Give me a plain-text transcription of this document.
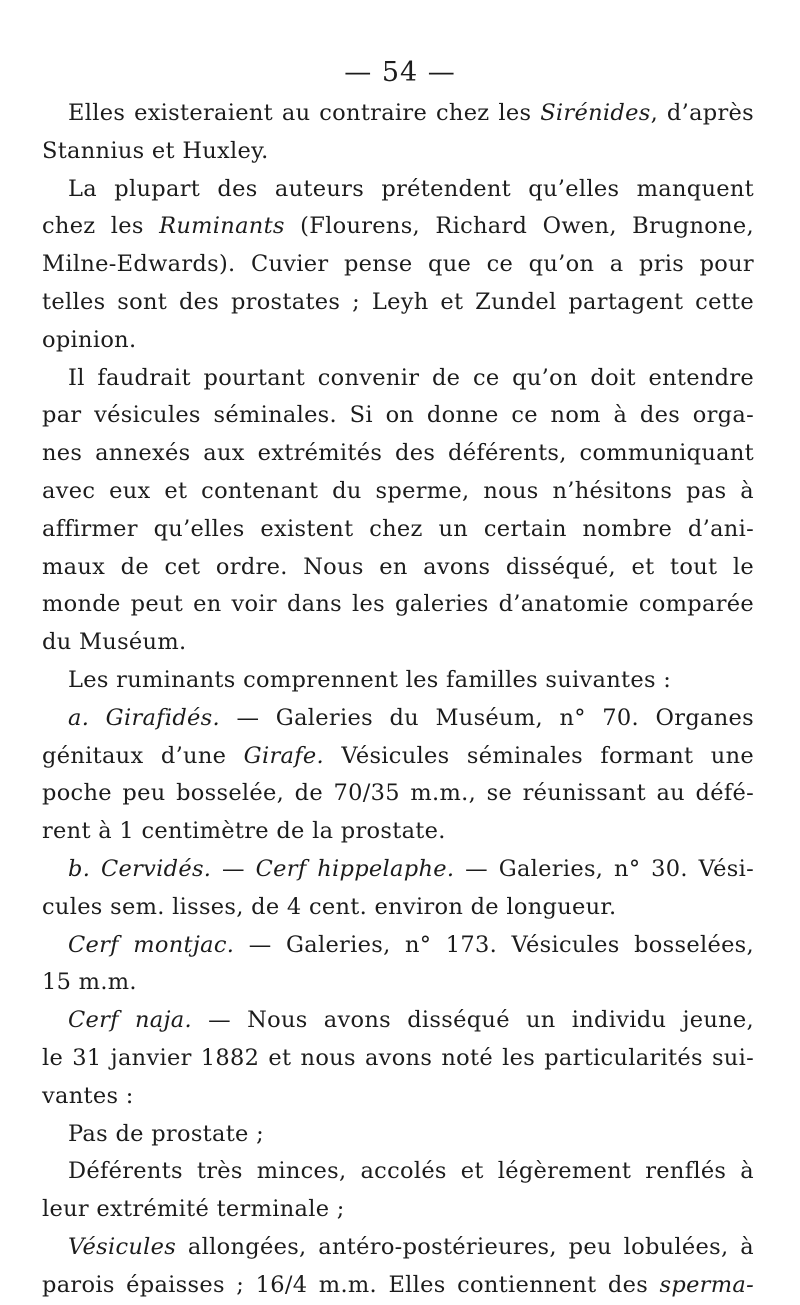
— 54 —
Elles existeraient au contraire chez les Sirénides, d’après
Stannius et Huxley.
La plupart des auteurs prétendent qu’elles manquent
chez les Ruminants (Flourens, Richard Owen, Brugnone,
Milne-Edwards). Cuvier pense que ce qu’on a pris pour
telles sont des prostates ; Leyh et Zundel partagent cette
opinion.
Il faudrait pourtant convenir de ce qu’on doit entendre
par vésicules séminales. Si on donne ce nom à des orga-
nes annexés aux extrémités des déférents, communiquant
avec eux et contenant du sperme, nous n’hésitons pas à
affirmer qu’elles existent chez un certain nombre d’ani-
maux de cet ordre. Nous en avons disséqué, et tout le
monde peut en voir dans les galeries d’anatomie comparée
du Muséum.
Les ruminants comprennent les familles suivantes :
a. Girafidés. — Galeries du Muséum, n° 70. Organes
génitaux d’une Girafe. Vésicules séminales formant une
poche peu bosselée, de 70/35 m.m., se réunissant au défé-
rent à 1 centimètre de la prostate.
b. Cervidés. — Cerf hippelaphe. — Galeries, n° 30. Vési-
cules sem. lisses, de 4 cent. environ de longueur.
Cerf montjac. — Galeries, n° 173. Vésicules bosselées,
15 m.m.
Cerf naja. — Nous avons disséqué un individu jeune,
le 31 janvier 1882 et nous avons noté les particularités sui-
vantes :
Pas de prostate ;
Déférents très minces, accolés et légèrement renflés à
leur extrémité terminale ;
Vésicules allongées, antéro-postérieures, peu lobulées, à
parois épaisses ; 16/4 m.m. Elles contiennent des sperma-
